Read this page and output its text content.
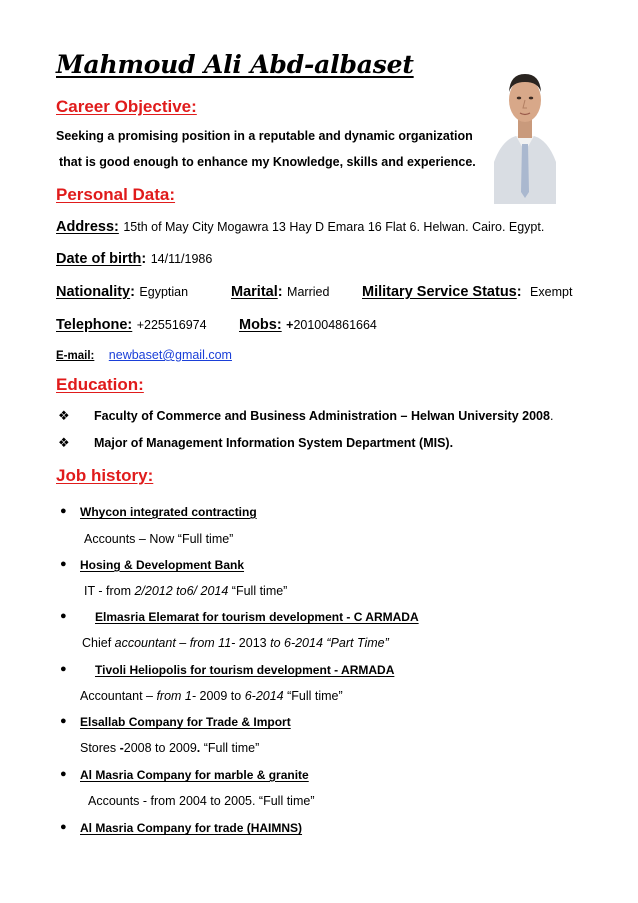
Mahmoud Ali Abd-albaset
Career Objective:
Seeking a promising position in a reputable and dynamic organization
that is good enough to enhance my Knowledge, skills and experience.
Personal Data:
Address: 15th of May City Mogawra 13 Hay D Emara 16 Flat 6. Helwan. Cairo. Egypt.
Date of birth: 14/11/1986
Nationality: Egyptian	Marital: Married Military Service Status: Exempt
Telephone: +225516974 Mobs: +201004861664
E-mail: newbaset@gmail.com
Education:
❖ Faculty of Commerce and Business Administration – Helwan University 2008.
❖ Major of Management Information System Department (MIS).
Job history:
● Whycon integrated contracting
Accounts – Now “Full time”
● Hosing & Development Bank
IT - from 2/2012 to6/ 2014 “Full time”
● Elmasria Elemarat for tourism development - C ARMADA
Chief accountant – from 11- 2013 to 6-2014 “Part Time”
● Tivoli Heliopolis for tourism development - ARMADA
Accountant – from 1- 2009 to 6-2014 “Full time”
● Elsallab Company for Trade & Import
Stores -2008 to 2009. “Full time”
● Al Masria Company for marble & granite
Accounts - from 2004 to 2005. “Full time”
● Al Masria Company for trade (HAIMNS)
